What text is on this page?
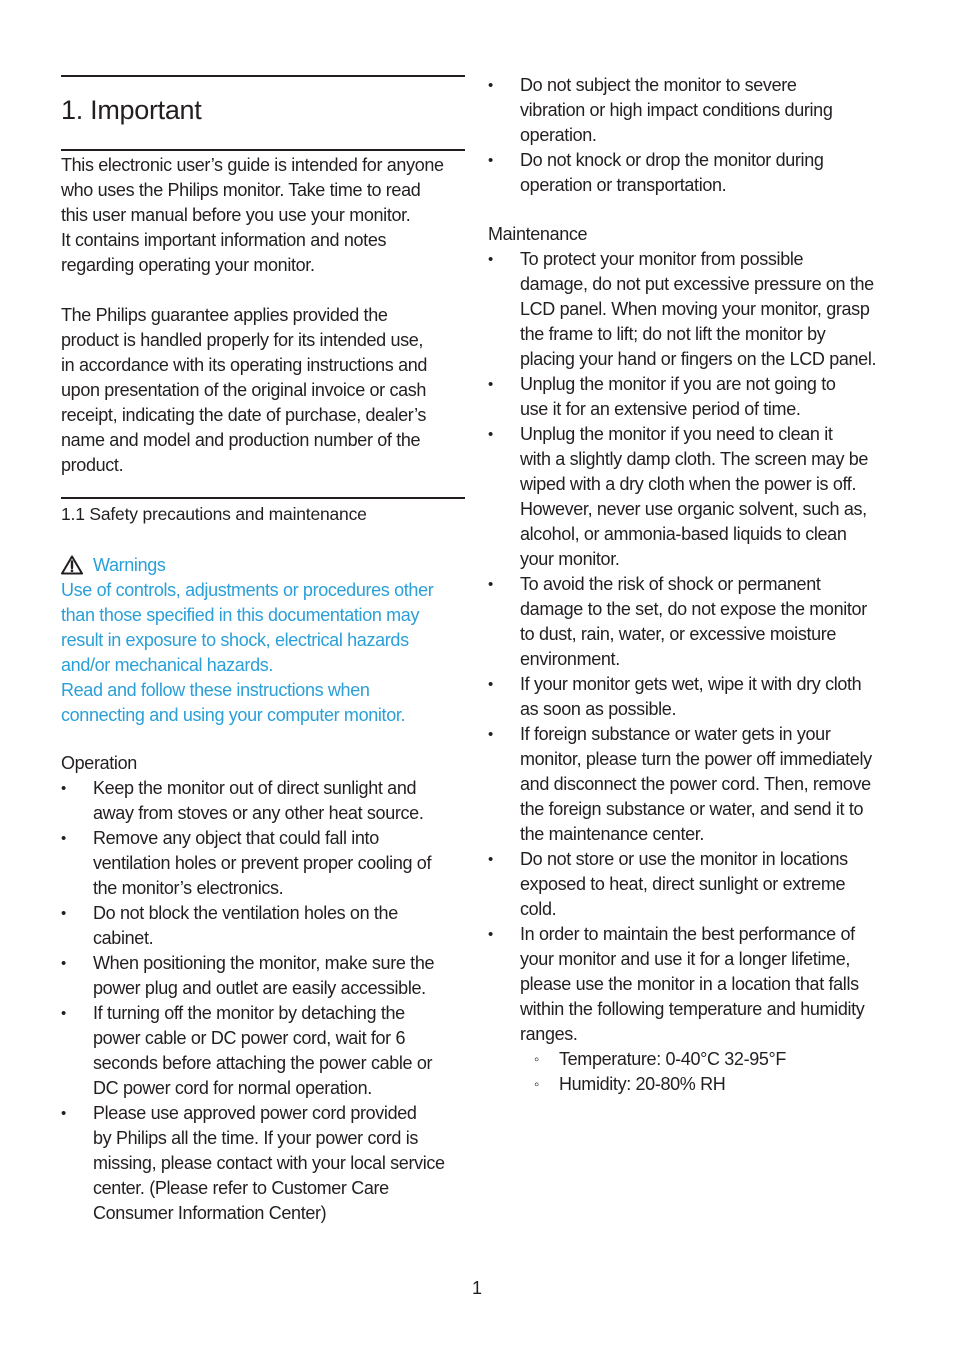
1. Important
This electronic user’s guide is intended for anyone
who uses the Philips monitor. Take time to read
this user manual before you use your monitor.
It contains important information and notes
regarding operating your monitor.
The Philips guarantee applies provided the
product is handled properly for its intended use,
in accordance with its operating instructions and
upon presentation of the original invoice or cash
receipt, indicating the date of purchase, dealer’s
name and model and production number of the
product.
1.1 Safety precautions and maintenance
Warnings
Use of controls, adjustments or procedures other
than those specified in this documentation may
result in exposure to shock, electrical hazards
and/or mechanical hazards.
Read and follow these instructions when
connecting and using your computer monitor.
Operation
• Keep the monitor out of direct sunlight and
away from stoves or any other heat source.
• Remove any object that could fall into
ventilation holes or prevent proper cooling of
the monitor’s electronics.
• Do not block the ventilation holes on the
cabinet.
• When positioning the monitor, make sure the
power plug and outlet are easily accessible.
• If turning off the monitor by detaching the
power cable or DC power cord, wait for 6
seconds before attaching the power cable or
DC power cord for normal operation.
• Please use approved power cord provided
by Philips all the time. If your power cord is
missing, please contact with your local service
center. (Please refer to Customer Care
Consumer Information Center)
• Do not subject the monitor to severe
vibration or high impact conditions during
operation.
• Do not knock or drop the monitor during
operation or transportation.
Maintenance
• To protect your monitor from possible
damage, do not put excessive pressure on the
LCD panel. When moving your monitor, grasp
the frame to lift; do not lift the monitor by
placing your hand or fingers on the LCD panel.
• Unplug the monitor if you are not going to
use it for an extensive period of time.
• Unplug the monitor if you need to clean it
with a slightly damp cloth. The screen may be
wiped with a dry cloth when the power is off.
However, never use organic solvent, such as,
alcohol, or ammonia-based liquids to clean
your monitor.
• To avoid the risk of shock or permanent
damage to the set, do not expose the monitor
to dust, rain, water, or excessive moisture
environment.
• If your monitor gets wet, wipe it with dry cloth
as soon as possible.
• If foreign substance or water gets in your
monitor, please turn the power off immediately
and disconnect the power cord. Then, remove
the foreign substance or water, and send it to
the maintenance center.
• Do not store or use the monitor in locations
exposed to heat, direct sunlight or extreme
cold.
• In order to maintain the best performance of
your monitor and use it for a longer lifetime,
please use the monitor in a location that falls
within the following temperature and humidity
ranges.
◦ Temperature: 0-40°C 32-95°F
◦ Humidity: 20-80% RH
1
